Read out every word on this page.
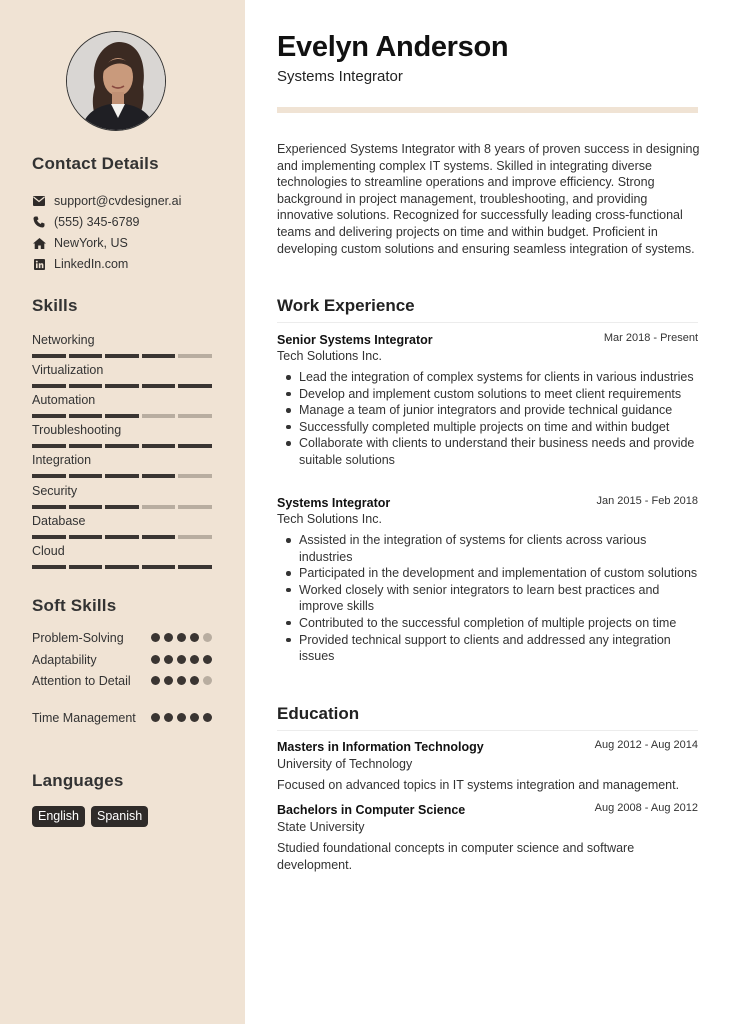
Contact Details
support@cvdesigner.ai
(555) 345-6789
NewYork, US
LinkedIn.com
Skills
Networking
Virtualization
Automation
Troubleshooting
Integration
Security
Database
Cloud
Soft Skills
Problem-Solving
Adaptability
Attention to Detail
Time Management
Languages
English	Spanish
Evelyn Anderson
Systems Integrator
Experienced Systems Integrator with 8 years of proven success in designing and implementing complex IT systems. Skilled in integrating diverse technologies to streamline operations and improve efficiency. Strong background in project management, troubleshooting, and providing innovative solutions. Recognized for successfully leading cross-functional teams and delivering projects on time and within budget. Proficient in developing custom solutions and ensuring seamless integration of systems.
Work Experience
Senior Systems Integrator	Mar 2018 - Present
Tech Solutions Inc.
Lead the integration of complex systems for clients in various industries
Develop and implement custom solutions to meet client requirements
Manage a team of junior integrators and provide technical guidance
Successfully completed multiple projects on time and within budget
Collaborate with clients to understand their business needs and provide suitable solutions
Systems Integrator	Jan 2015 - Feb 2018
Tech Solutions Inc.
Assisted in the integration of systems for clients across various industries
Participated in the development and implementation of custom solutions
Worked closely with senior integrators to learn best practices and improve skills
Contributed to the successful completion of multiple projects on time
Provided technical support to clients and addressed any integration issues
Education
Masters in Information Technology	Aug 2012 - Aug 2014
University of Technology
Focused on advanced topics in IT systems integration and management.
Bachelors in Computer Science	Aug 2008 - Aug 2012
State University
Studied foundational concepts in computer science and software development.
